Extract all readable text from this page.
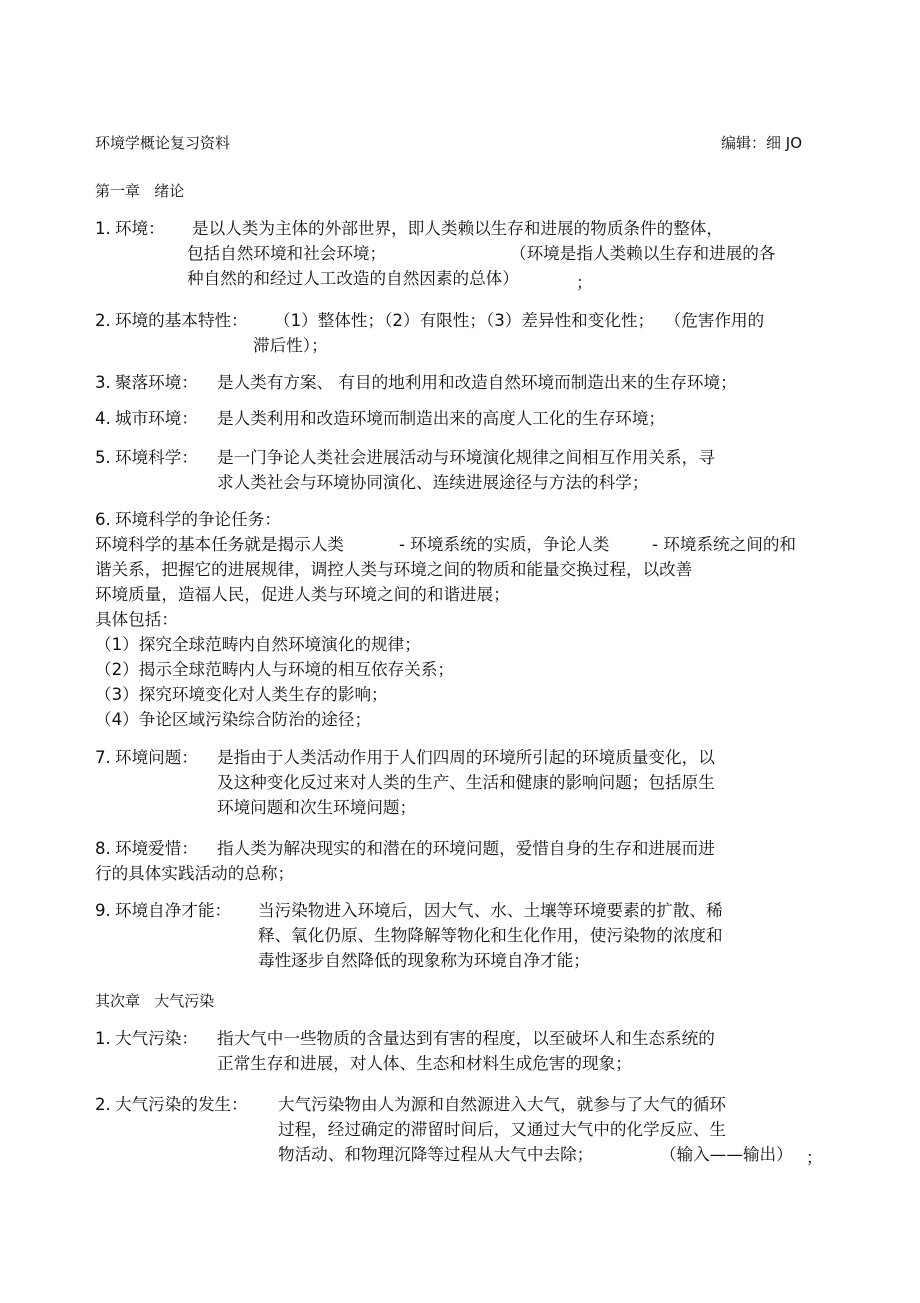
环境学概论复习资料	编辑：细 JO
第一章   绪论
1. 环境： 是以人类为主体的外部世界，即人类赖以生存和进展的物质条件的整体，
包括自然环境和社会环境；	（环境是指人类赖以生存和进展的各
种自然的和经过人工改造的自然因素的总体）	；
2. 环境的基本特性： （1）整体性；（2）有限性；（3）差异性和变化性；  （危害作用的
滞后性）；
3. 聚落环境： 是人类有方案、 有目的地利用和改造自然环境而制造出来的生存环境；
4. 城市环境： 是人类利用和改造环境而制造出来的高度人工化的生存环境；
5. 环境科学： 是一门争论人类社会进展活动与环境演化规律之间相互作用关系，寻
求人类社会与环境协同演化、连续进展途径与方法的科学；
6. 环境科学的争论任务：
环境科学的基本任务就是揭示人类	- 环境系统的实质，争论人类	- 环境系统之间的和
谐关系，把握它的进展规律，调控人类与环境之间的物质和能量交换过程，以改善
环境质量，造福人民，促进人类与环境之间的和谐进展；
具体包括：
（1）探究全球范畴内自然环境演化的规律；
（2）揭示全球范畴内人与环境的相互依存关系；
（3）探究环境变化对人类生存的影响；
（4）争论区域污染综合防治的途径；
7. 环境问题： 是指由于人类活动作用于人们四周的环境所引起的环境质量变化，以
及这种变化反过来对人类的生产、生活和健康的影响问题；包括原生
环境问题和次生环境问题；
8. 环境爱惜： 指人类为解决现实的和潜在的环境问题，爱惜自身的生存和进展而进
行的具体实践活动的总称；
9. 环境自净才能： 当污染物进入环境后，因大气、水、土壤等环境要素的扩散、稀
释、氧化仍原、生物降解等物化和生化作用，使污染物的浓度和
毒性逐步自然降低的现象称为环境自净才能；
其次章   大气污染
1. 大气污染： 指大气中一些物质的含量达到有害的程度，以至破坏人和生态系统的
正常生存和进展，对人体、生态和材料生成危害的现象；
2. 大气污染的发生： 大气污染物由人为源和自然源进入大气，就参与了大气的循环
过程，经过确定的滞留时间后，又通过大气中的化学反应、生
物活动、和物理沉降等过程从大气中去除；	（输入——输出） ；
